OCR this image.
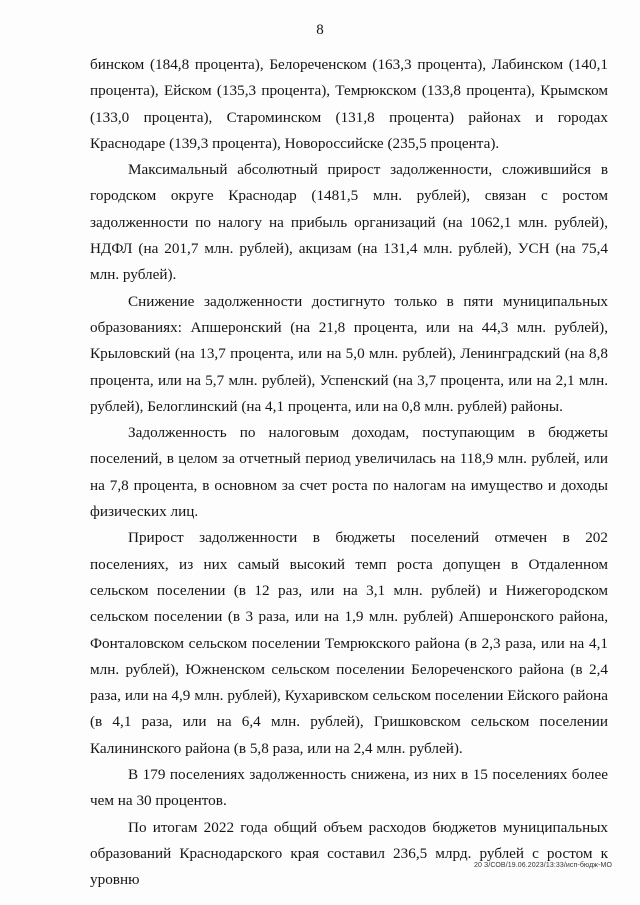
8

бинском (184,8 процента), Белореченском (163,3 процента), Лабинском (140,1 процента), Ейском (135,3 процента), Темрюкском (133,8 процента), Крымском (133,0 процента), Староминском (131,8 процента) районах и городах Краснодаре (139,3 процента), Новороссийске (235,5 процента).

Максимальный абсолютный прирост задолженности, сложившийся в городском округе Краснодар (1481,5 млн. рублей), связан с ростом задолженности по налогу на прибыль организаций (на 1062,1 млн. рублей), НДФЛ (на 201,7 млн. рублей), акцизам (на 131,4 млн. рублей), УСН (на 75,4 млн. рублей).

Снижение задолженности достигнуто только в пяти муниципальных образованиях: Апшеронский (на 21,8 процента, или на 44,3 млн. рублей), Крыловский (на 13,7 процента, или на 5,0 млн. рублей), Ленинградский (на 8,8 процента, или на 5,7 млн. рублей), Успенский (на 3,7 процента, или на 2,1 млн. рублей), Белоглинский (на 4,1 процента, или на 0,8 млн. рублей) районы.

Задолженность по налоговым доходам, поступающим в бюджеты поселений, в целом за отчетный период увеличилась на 118,9 млн. рублей, или на 7,8 процента, в основном за счет роста по налогам на имущество и доходы физических лиц.

Прирост задолженности в бюджеты поселений отмечен в 202 поселениях, из них самый высокий темп роста допущен в Отдаленном сельском поселении (в 12 раз, или на 3,1 млн. рублей) и Нижегородском сельском поселении (в 3 раза, или на 1,9 млн. рублей) Апшеронского района, Фонталовском сельском поселении Темрюкского района (в 2,3 раза, или на 4,1 млн. рублей), Южненском сельском поселении Белореченского района (в 2,4 раза, или на 4,9 млн. рублей), Кухаривском сельском поселении Ейского района (в 4,1 раза, или на 6,4 млн. рублей), Гришковском сельском поселении Калининского района (в 5,8 раза, или на 2,4 млн. рублей).

В 179 поселениях задолженность снижена, из них в 15 поселениях более чем на 30 процентов.

По итогам 2022 года общий объем расходов бюджетов муниципальных образований Краснодарского края составил 236,5 млрд. рублей с ростом к уровню

20 З/СОВ/19.06.2023/13:33/исп-бюдж-МО
